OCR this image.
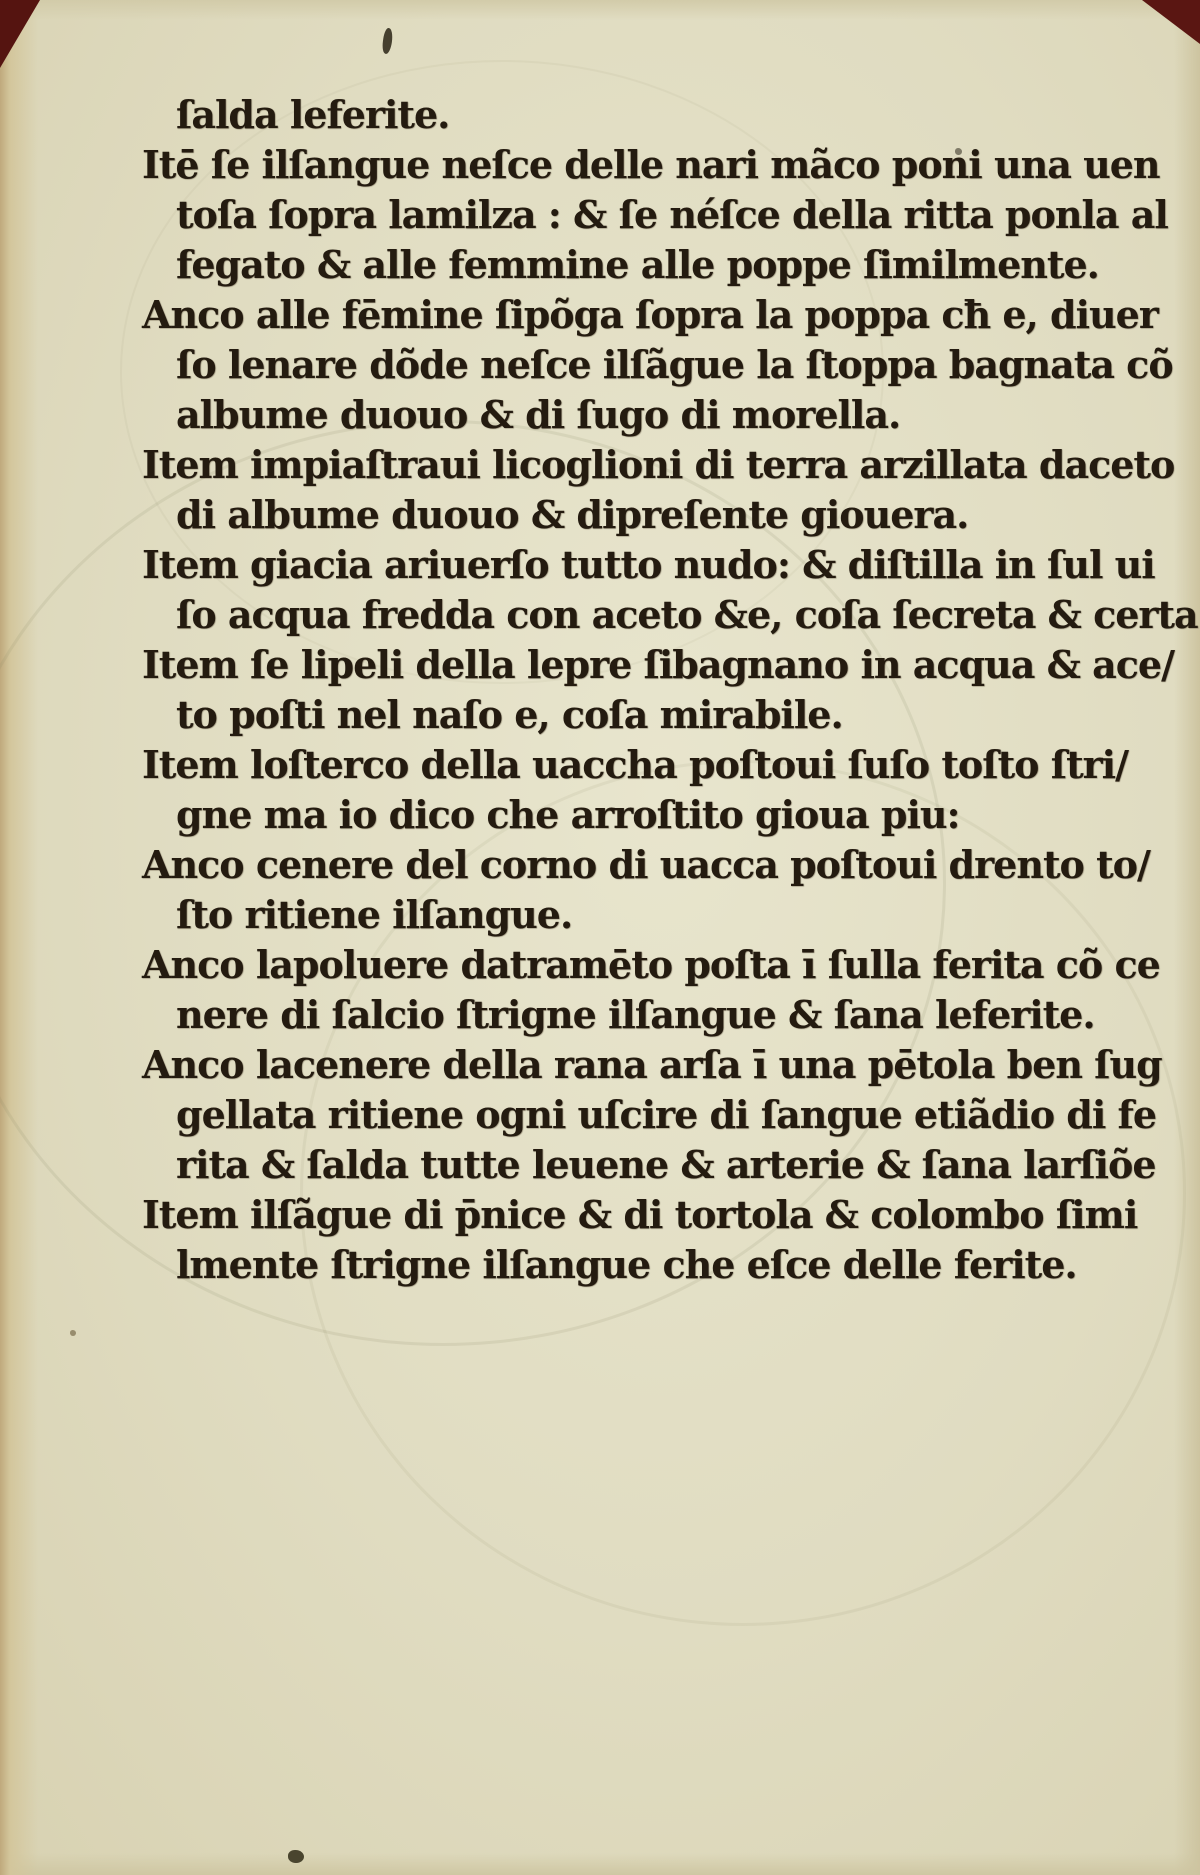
ſalda leferite.
Itē ſe ilſangue neſce delle nari mãco poni una uen
toſa ſopra lamilza : & ſe néſce della ritta ponla al
fegato & alle femmine alle poppe ſimilmente.
Anco alle fēmine ſipõga ſopra la poppa cħ e, diuer
ſo lenare dõde neſce ilſãgue la ſtoppa bagnata cõ
albume duouo & di ſugo di morella.
Item impiaſtraui licoglioni di terra arzillata daceto
di albume duouo & dipreſente giouera.
Item giacia ariuerſo tutto nudo: & diſtilla in ſul ui
ſo acqua fredda con aceto &e, coſa ſecreta & certa
Item ſe lipeli della lepre ſibagnano in acqua & ace/
to poſti nel naſo e, coſa mirabile.
Item loſterco della uaccha poſtoui ſuſo toſto ſtri/
gne ma io dico che arroſtito gioua piu:
Anco cenere del corno di uacca poſtoui drento to/
ſto ritiene ilſangue.
Anco lapoluere datramēto poſta ī ſulla ferita cõ ce
nere di ſalcio ſtrigne ilſangue & ſana leferite.
Anco lacenere della rana arſa ī una pētola ben ſug
gellata ritiene ogni uſcire di ſangue etiãdio di fe
rita & ſalda tutte leuene & arterie & ſana larſiõe
Item ilſãgue di p̄nice & di tortola & colombo ſimi
lmente ſtrigne ilſangue che eſce delle ferite.
